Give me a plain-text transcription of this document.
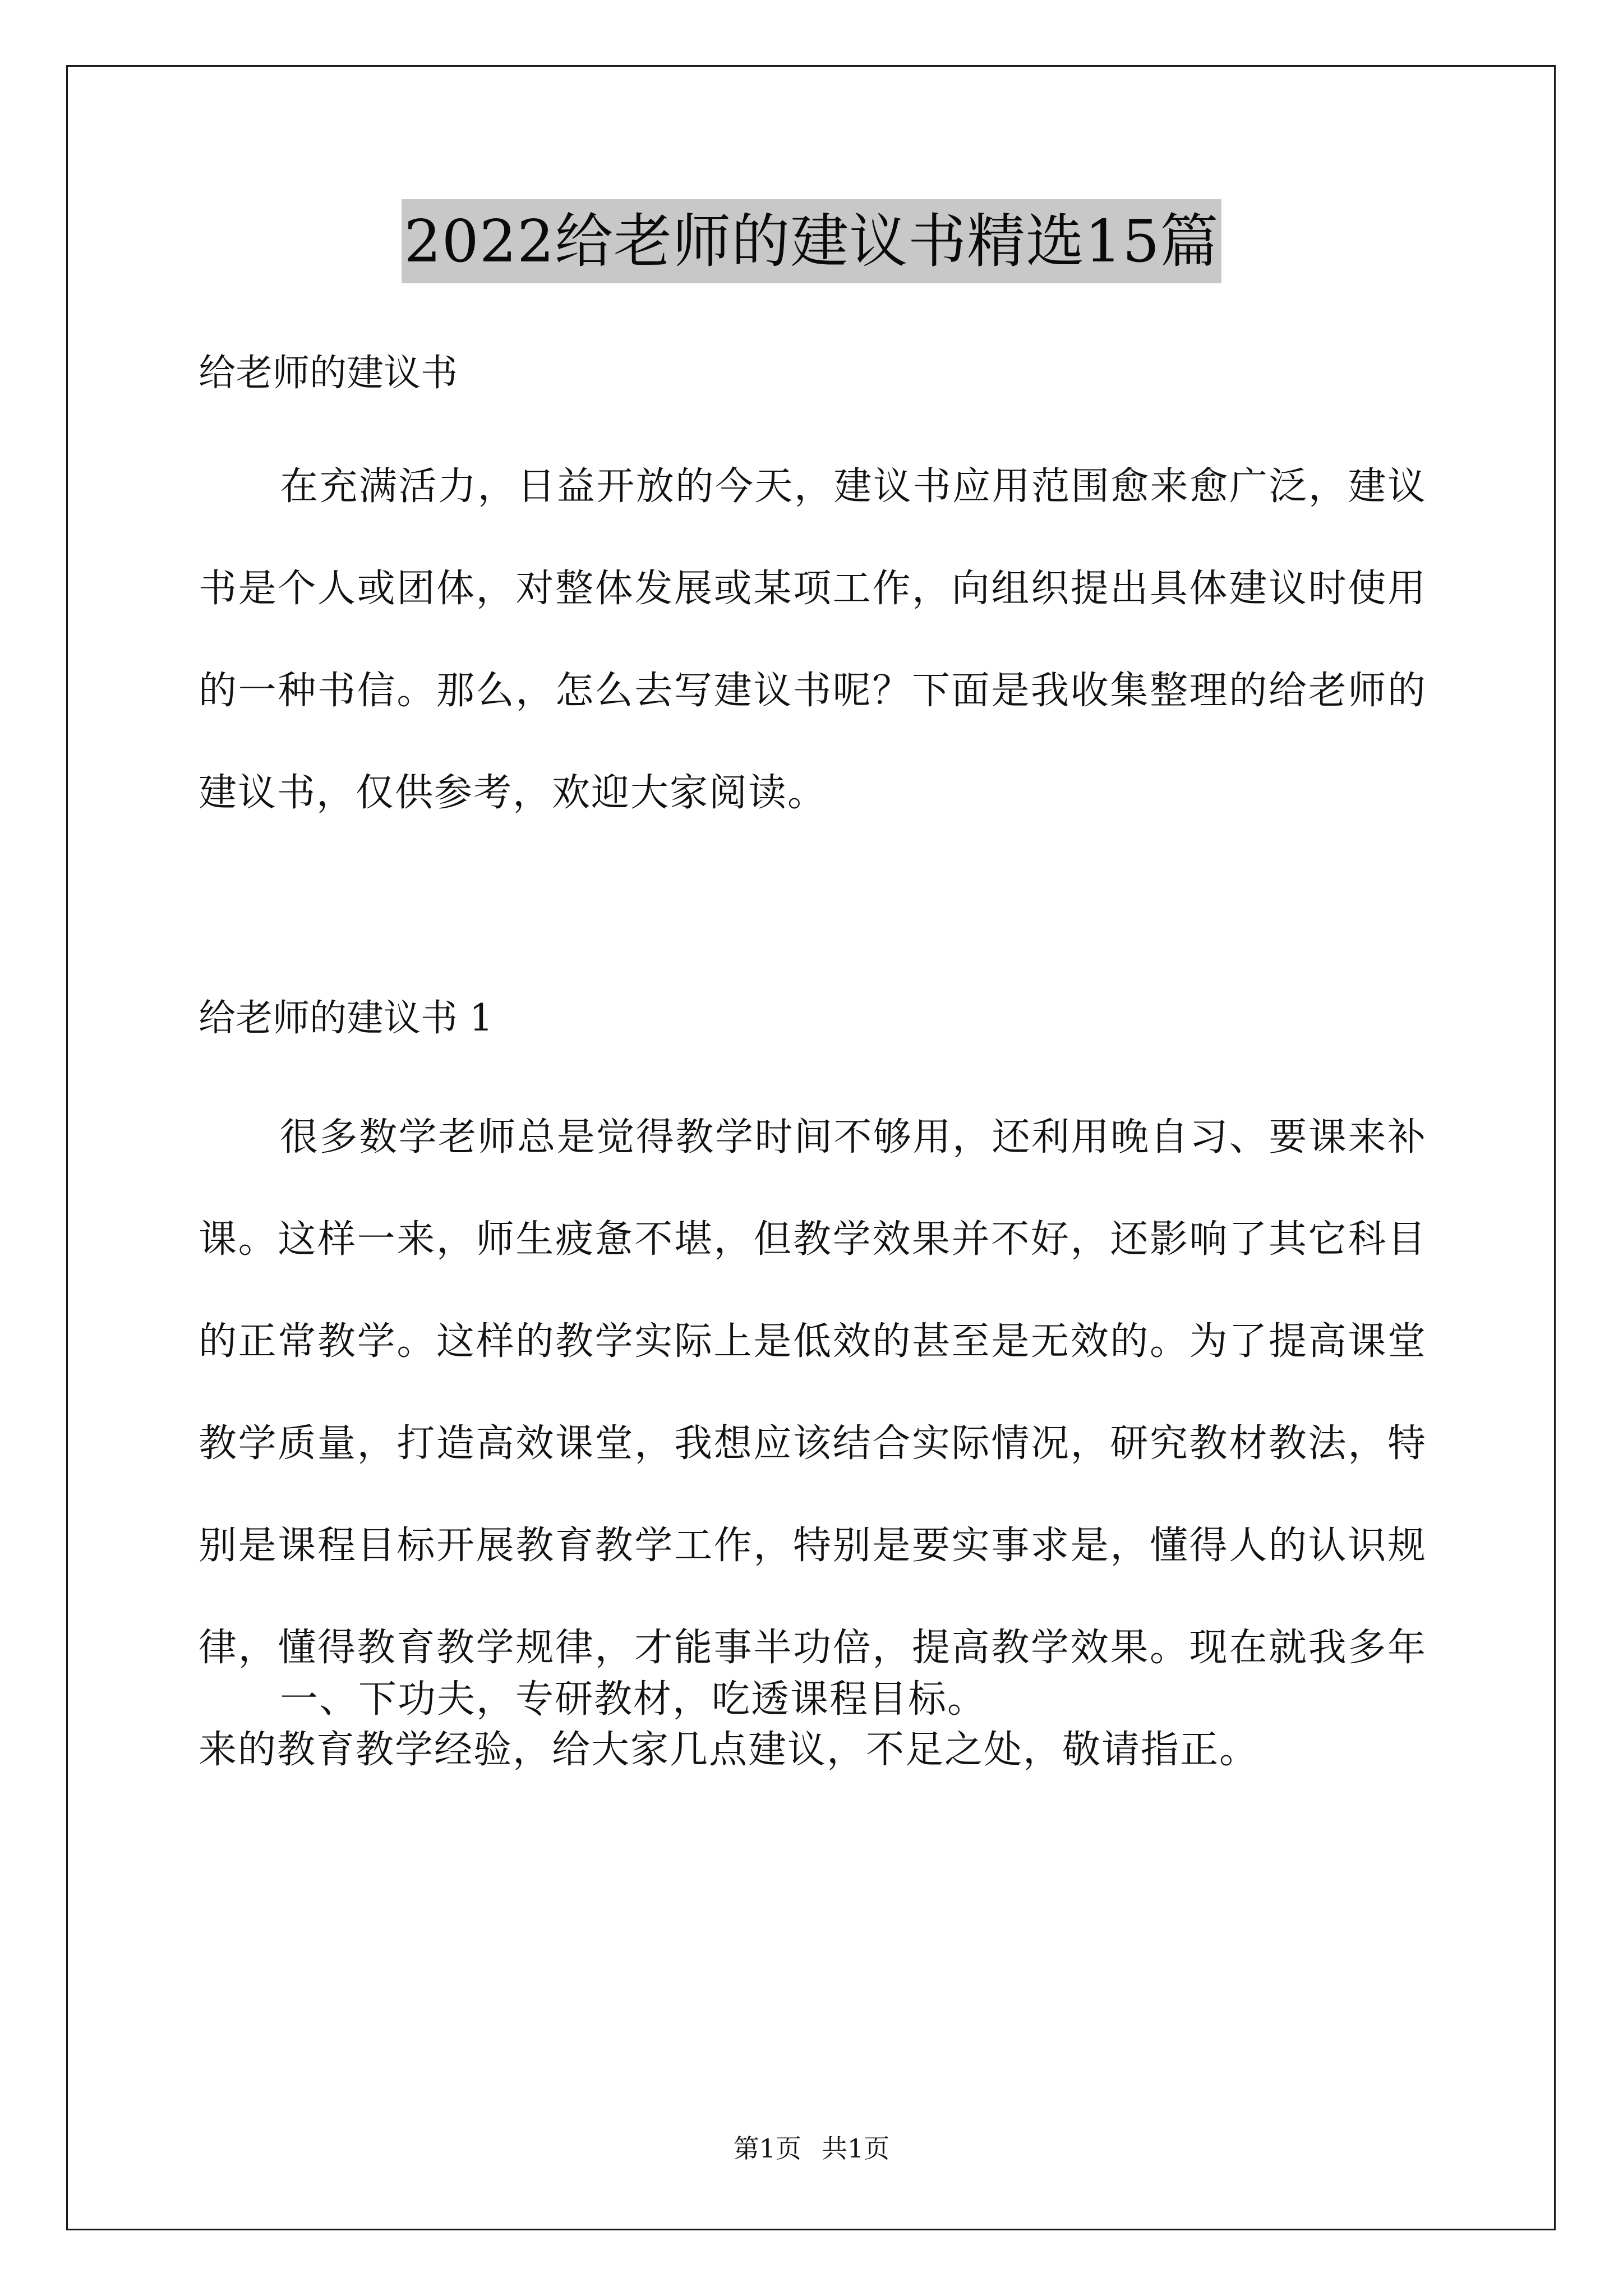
2022给老师的建议书精选15篇
给老师的建议书
在充满活力，日益开放的今天，建议书应用范围愈来愈广泛，建议书是个人或团体，对整体发展或某项工作，向组织提出具体建议时使用的一种书信。那么，怎么去写建议书呢？下面是我收集整理的给老师的建议书，仅供参考，欢迎大家阅读。
给老师的建议书 1
很多数学老师总是觉得教学时间不够用，还利用晚自习、要课来补课。这样一来，师生疲惫不堪，但教学效果并不好，还影响了其它科目的正常教学。这样的教学实际上是低效的甚至是无效的。为了提高课堂教学质量，打造高效课堂，我想应该结合实际情况，研究教材教法，特别是课程目标开展教育教学工作，特别是要实事求是，懂得人的认识规律，懂得教育教学规律，才能事半功倍，提高教学效果。现在就我多年来的教育教学经验，给大家几点建议，不足之处，敬请指正。
一、下功夫，专研教材，吃透课程目标。
第1页 共1页
